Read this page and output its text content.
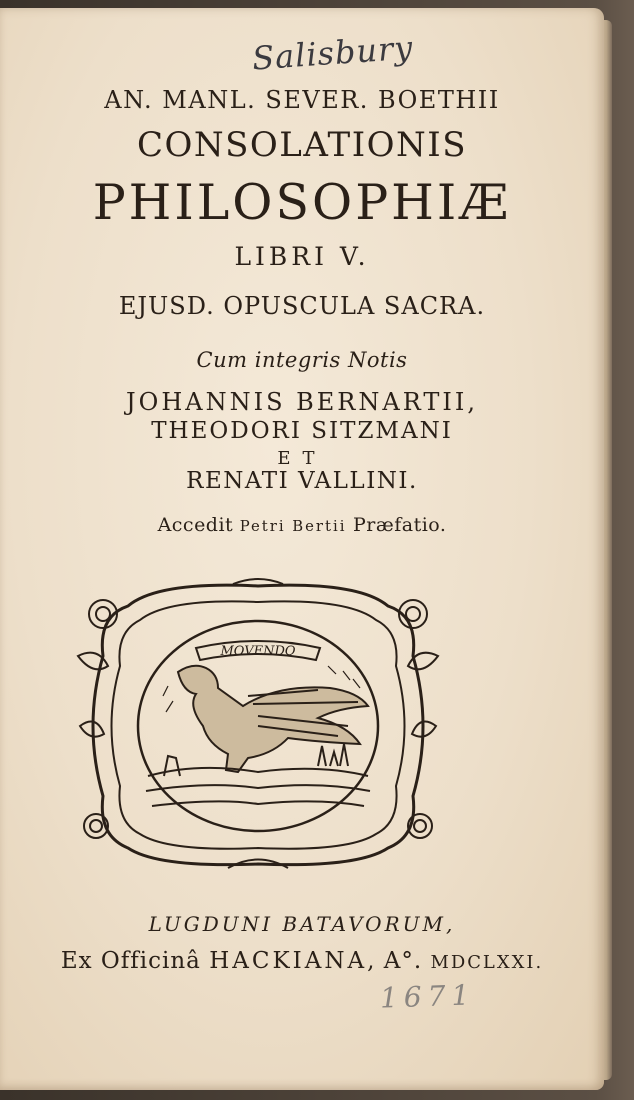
Salisbury
AN. MANL. SEVER. BOETHII
CONSOLATIONIS
PHILOSOPHIÆ
LIBRI V.
EJUSD. OPUSCULA SACRA.
Cum integris Notis
JOHANNIS BERNARTII,
THEODORI SITZMANI
ET
RENATI VALLINI.
Accedit Petri Bertii Præfatio.
MOVENDO
LUGDUNI BATAVORUM,
Ex Officinâ HACKIANA, A°. MDCLXXI.
1671
